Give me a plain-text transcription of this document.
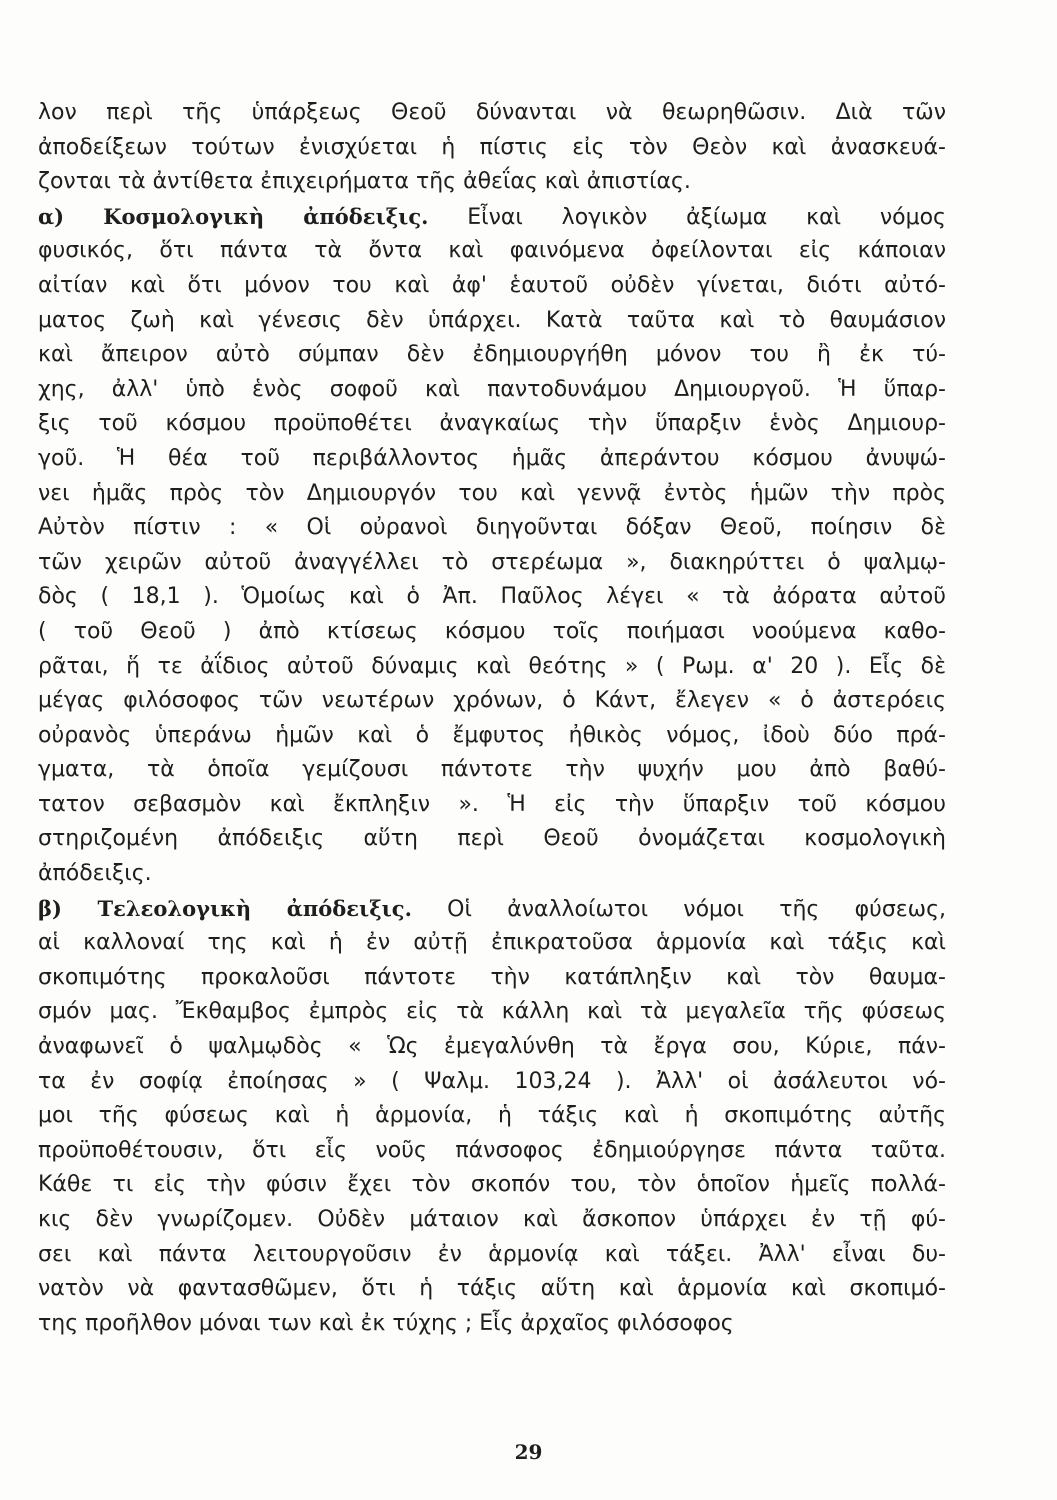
λον περὶ τῆς ὑπάρξεως Θεοῦ δύνανται νὰ θεωρηθῶσιν. Διὰ τῶν
ἀποδείξεων τούτων ἐνισχύεται ἡ πίστις εἰς τὸν Θεὸν καὶ ἀνασκευά-
ζονται τὰ ἀντίθετα ἐπιχειρήματα τῆς ἀθεΐας καὶ ἀπιστίας.
α) Κοσμολογικὴ ἀπόδειξις. Εἶναι λογικὸν ἀξίωμα καὶ νόμος
φυσικός, ὅτι πάντα τὰ ὄντα καὶ φαινόμενα ὀφείλονται εἰς κάποιαν
αἰτίαν καὶ ὅτι μόνον του καὶ ἀφ' ἑαυτοῦ οὐδὲν γίνεται, διότι αὐτό-
ματος ζωὴ καὶ γένεσις δὲν ὑπάρχει. Κατὰ ταῦτα καὶ τὸ θαυμάσιον
καὶ ἄπειρον αὐτὸ σύμπαν δὲν ἐδημιουργήθη μόνον του ἢ ἐκ τύ-
χης, ἀλλ' ὑπὸ ἑνὸς σοφοῦ καὶ παντοδυνάμου Δημιουργοῦ. Ἡ ὕπαρ-
ξις τοῦ κόσμου προϋποθέτει ἀναγκαίως τὴν ὕπαρξιν ἑνὸς Δημιουρ-
γοῦ. Ἡ θέα τοῦ περιβάλλοντος ἡμᾶς ἀπεράντου κόσμου ἀνυψώ-
νει ἡμᾶς πρὸς τὸν Δημιουργόν του καὶ γεννᾷ ἐντὸς ἡμῶν τὴν πρὸς
Αὐτὸν πίστιν : « Οἱ οὐρανοὶ διηγοῦνται δόξαν Θεοῦ, ποίησιν δὲ
τῶν χειρῶν αὐτοῦ ἀναγγέλλει τὸ στερέωμα », διακηρύττει ὁ ψαλμῳ-
δὸς ( 18,1 ). Ὁμοίως καὶ ὁ Ἀπ. Παῦλος λέγει « τὰ ἀόρατα αὐτοῦ
( τοῦ Θεοῦ ) ἀπὸ κτίσεως κόσμου τοῖς ποιήμασι νοούμενα καθο-
ρᾶται, ἥ τε ἀΐδιος αὐτοῦ δύναμις καὶ θεότης » ( Ρωμ. α' 20 ). Εἷς δὲ
μέγας φιλόσοφος τῶν νεωτέρων χρόνων, ὁ Κάντ, ἔλεγεν « ὁ ἀστερόεις
οὐρανὸς ὑπεράνω ἡμῶν καὶ ὁ ἔμφυτος ἠθικὸς νόμος, ἰδοὺ δύο πρά-
γματα, τὰ ὁποῖα γεμίζουσι πάντοτε τὴν ψυχήν μου ἀπὸ βαθύ-
τατον σεβασμὸν καὶ ἔκπληξιν ». Ἡ εἰς τὴν ὕπαρξιν τοῦ κόσμου
στηριζομένη ἀπόδειξις αὕτη περὶ Θεοῦ ὀνομάζεται κοσμολογικὴ
ἀπόδειξις.
β) Τελεολογικὴ ἀπόδειξις. Οἱ ἀναλλοίωτοι νόμοι τῆς φύσεως,
αἱ καλλοναί της καὶ ἡ ἐν αὐτῇ ἐπικρατοῦσα ἁρμονία καὶ τάξις καὶ
σκοπιμότης προκαλοῦσι πάντοτε τὴν κατάπληξιν καὶ τὸν θαυμα-
σμόν μας. Ἔκθαμβος ἐμπρὸς εἰς τὰ κάλλη καὶ τὰ μεγαλεῖα τῆς φύσεως
ἀναφωνεῖ ὁ ψαλμῳδὸς « Ὡς ἐμεγαλύνθη τὰ ἔργα σου, Κύριε, πάν-
τα ἐν σοφίᾳ ἐποίησας » ( Ψαλμ. 103,24 ). Ἀλλ' οἱ ἀσάλευτοι νό-
μοι τῆς φύσεως καὶ ἡ ἁρμονία, ἡ τάξις καὶ ἡ σκοπιμότης αὐτῆς
προϋποθέτουσιν, ὅτι εἷς νοῦς πάνσοφος ἐδημιούργησε πάντα ταῦτα.
Κάθε τι εἰς τὴν φύσιν ἔχει τὸν σκοπόν του, τὸν ὁποῖον ἡμεῖς πολλά-
κις δὲν γνωρίζομεν. Οὐδὲν μάταιον καὶ ἄσκοπον ὑπάρχει ἐν τῇ φύ-
σει καὶ πάντα λειτουργοῦσιν ἐν ἁρμονίᾳ καὶ τάξει. Ἀλλ' εἶναι δυ-
νατὸν νὰ φαντασθῶμεν, ὅτι ἡ τάξις αὕτη καὶ ἁρμονία καὶ σκοπιμό-
της προῆλθον μόναι των καὶ ἐκ τύχης ; Εἷς ἀρχαῖος φιλόσοφος
29
